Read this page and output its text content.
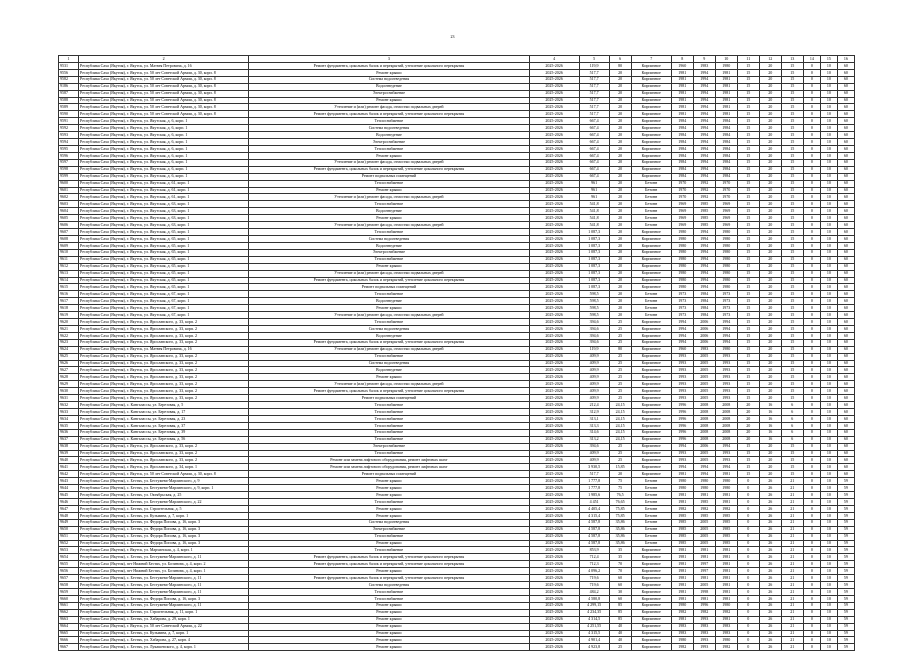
23
1	2	3	4	5	6	7	8	9	10	11	12	13	14	15	16
9531	Республика Саха (Якутия), г. Якутск, ул. Матвея Петровича, д. 16	Ремонт фундамента, цокольных балок и перекрытий, утепление цокольного перекрытия	2025-2026	119,9	80	Кирпичное	1960	1983	1980	15	20	15	0	10	60
9556	Республика Саха (Якутия), г. Якутск, ул. 50 лет Советской Армии, д. 30, корп. 8	Ремонт крыши	2025-2026	517,7	20	Кирпичное	1981	1994	1981	15	20	15	0	10	60
9582	Республика Саха (Якутия), г. Якутск, ул. 50 лет Советской Армии, д. 30, корп. 8	Система водоотведения	2025-2026	517,7	20	Кирпичное	1981	1994	1981	15	20	15	0	10	60
9186	Республика Саха (Якутия), г. Якутск, ул. 50 лет Советской Армии, д. 30, корп. 8	Водоотведение	2025-2026	517,7	20	Кирпичное	1981	1994	1981	15	20	15	0	10	60
9587	Республика Саха (Якутия), г. Якутск, ул. 50 лет Советской Армии, д. 30, корп. 8	Электроснабжение	2025-2026	517,7	20	Кирпичное	1981	1994	1981	15	20	15	0	10	60
9588	Республика Саха (Якутия), г. Якутск, ул. 50 лет Советской Армии, д. 30, корп. 8	Ремонт крыши	2025-2026	517,7	20	Кирпичное	1981	1994	1981	15	20	15	0	10	60
9589	Республика Саха (Якутия), г. Якутск, ул. 50 лет Советской Армии, д. 30, корп. 8	Утепление и (или) ремонт фасада, отмостки подвальных дверей	2025-2026	517,7	20	Кирпичное	1981	1994	1981	15	20	15	0	10	60
9590	Республика Саха (Якутия), г. Якутск, ул. 50 лет Советской Армии, д. 30, корп. 8	Ремонт фундамента, цокольных балок и перекрытий, утепление цокольного перекрытия	2025-2026	517,7	20	Кирпичное	1981	1994	1981	15	20	15	0	10	60
9591	Республика Саха (Якутия), г. Якутск, ул. Якутская, д. 6, корп. 1	Теплоснабжение	2025-2026	667,4	20	Кирпичное	1984	1994	1984	15	20	15	0	10	60
9592	Республика Саха (Якутия), г. Якутск, ул. Якутская, д. 6, корп. 1	Система водоотведения	2025-2026	667,4	20	Кирпичное	1984	1994	1984	15	20	15	0	10	60
9593	Республика Саха (Якутия), г. Якутск, ул. Якутская, д. 6, корп. 1	Водоотведение	2025-2026	667,4	20	Кирпичное	1984	1994	1984	15	20	15	0	10	60
9594	Республика Саха (Якутия), г. Якутск, ул. Якутская, д. 6, корп. 1	Электроснабжение	2025-2026	667,4	20	Кирпичное	1984	1994	1984	15	20	15	0	10	60
9595	Республика Саха (Якутия), г. Якутск, ул. Якутская, д. 6, корп. 1	Теплоснабжение	2025-2026	667,4	20	Кирпичное	1984	1994	1984	15	20	15	0	10	60
9596	Республика Саха (Якутия), г. Якутск, ул. Якутская, д. 6, корп. 1	Ремонт крыши	2025-2026	667,4	20	Кирпичное	1984	1994	1984	15	20	15	0	10	60
9597	Республика Саха (Якутия), г. Якутск, ул. Якутская, д. 6, корп. 1	Утепление и (или) ремонт фасада, отмостки подвальных дверей	2025-2026	667,4	20	Кирпичное	1984	1994	1984	15	20	15	0	10	60
9598	Республика Саха (Якутия), г. Якутск, ул. Якутская, д. 6, корп. 1	Ремонт фундамента, цокольных балок и перекрытий, утепление цокольного перекрытия	2025-2026	667,4	20	Кирпичное	1984	1994	1984	15	20	15	0	10	60
9599	Республика Саха (Якутия), г. Якутск, ул. Якутская, д. 6, корп. 1	Ремонт подвальных помещений	2025-2026	667,4	20	Кирпичное	1984	1994	1984	15	20	15	0	10	60
9600	Республика Саха (Якутия), г. Якутск, ул. Якутская, д. 61, корп. 1	Теплоснабжение	2025-2026	961	20	Бетонн	1970	1992	1970	15	20	15	0	10	60
9601	Республика Саха (Якутия), г. Якутск, ул. Якутская, д. 61, корп. 1	Ремонт крыши	2025-2026	961	20	Бетонн	1970	1992	1970	15	20	15	0	10	60
9602	Республика Саха (Якутия), г. Якутск, ул. Якутская, д. 61, корп. 1	Утепление и (или) ремонт фасада, отмостки подвальных дверей	2025-2026	961	20	Бетонн	1970	1992	1970	15	20	15	0	10	60
9603	Республика Саха (Якутия), г. Якутск, ул. Якутская, д. 63, корп. 1	Теплоснабжение	2025-2026	541,8	20	Бетонн	1969	1985	1969	15	20	15	0	10	60
9604	Республика Саха (Якутия), г. Якутск, ул. Якутская, д. 63, корп. 1	Водоотведение	2025-2026	541,8	20	Бетонн	1969	1985	1969	15	20	15	0	10	60
9605	Республика Саха (Якутия), г. Якутск, ул. Якутская, д. 63, корп. 1	Ремонт крыши	2025-2026	541,8	20	Бетонн	1969	1985	1969	15	20	15	0	10	60
9606	Республика Саха (Якутия), г. Якутск, ул. Якутская, д. 63, корп. 1	Утепление и (или) ремонт фасада, отмостки подвальных дверей	2025-2026	541,8	20	Бетонн	1969	1985	1969	15	20	15	0	10	60
9607	Республика Саха (Якутия), г. Якутск, ул. Якутская, д. 65, корп. 1	Теплоснабжение	2025-2026	1 087,3	20	Кирпичное	1980	1994	1980	15	20	15	0	10	60
9608	Республика Саха (Якутия), г. Якутск, ул. Якутская, д. 65, корп. 1	Система водоотведения	2025-2026	1 087,3	20	Кирпичное	1980	1994	1980	15	20	15	0	10	60
9609	Республика Саха (Якутия), г. Якутск, ул. Якутская, д. 65, корп. 1	Водоотведение	2025-2026	1 087,3	20	Кирпичное	1980	1994	1980	15	20	15	0	10	60
9610	Республика Саха (Якутия), г. Якутск, ул. Якутская, д. 65, корп. 1	Электроснабжение	2025-2026	1 087,3	20	Кирпичное	1980	1994	1980	15	20	15	0	10	60
9611	Республика Саха (Якутия), г. Якутск, ул. Якутская, д. 65, корп. 1	Теплоснабжение	2025-2026	1 087,3	20	Кирпичное	1980	1994	1980	15	20	15	0	10	60
9612	Республика Саха (Якутия), г. Якутск, ул. Якутская, д. 65, корп. 1	Ремонт крыши	2025-2026	1 087,3	20	Кирпичное	1980	1994	1980	15	20	15	0	10	60
9613	Республика Саха (Якутия), г. Якутск, ул. Якутская, д. 65, корп. 1	Утепление и (или) ремонт фасада, отмостки подвальных дверей	2025-2026	1 087,3	20	Кирпичное	1980	1994	1980	15	20	15	0	10	60
9614	Республика Саха (Якутия), г. Якутск, ул. Якутская, д. 65, корп. 1	Ремонт фундамента, цокольных балок и перекрытий, утепление цокольного перекрытия	2025-2026	1 087,3	20	Кирпичное	1980	1994	1980	15	20	15	0	10	60
9615	Республика Саха (Якутия), г. Якутск, ул. Якутская, д. 65, корп. 1	Ремонт подвальных помещений	2025-2026	1 087,3	20	Кирпичное	1980	1994	1980	15	20	15	0	10	60
9616	Республика Саха (Якутия), г. Якутск, ул. Якутская, д. 67, корп. 1	Теплоснабжение	2025-2026	598,5	20	Бетонн	1973	1984	1973	15	20	15	0	10	60
9617	Республика Саха (Якутия), г. Якутск, ул. Якутская, д. 67, корп. 1	Водоотведение	2025-2026	598,5	20	Бетонн	1973	1984	1973	15	20	15	0	10	60
9618	Республика Саха (Якутия), г. Якутск, ул. Якутская, д. 67, корп. 1	Ремонт крыши	2025-2026	598,5	20	Бетонн	1973	1984	1973	15	20	15	0	10	60
9619	Республика Саха (Якутия), г. Якутск, ул. Якутская, д. 67, корп. 1	Утепление и (или) ремонт фасада, отмостки подвальных дверей	2025-2026	598,5	20	Бетонн	1973	1984	1973	15	20	15	0	10	60
9620	Республика Саха (Якутия), г. Якутск, ул. Ярославского, д. 33, корп. 2	Теплоснабжение	2025-2026	394,6	25	Кирпичное	1994	2006	1994	15	20	15	0	10	60
9621	Республика Саха (Якутия), г. Якутск, ул. Ярославского, д. 33, корп. 2	Система водоотведения	2025-2026	394,6	25	Кирпичное	1994	2006	1994	15	20	15	0	10	60
9622	Республика Саха (Якутия), г. Якутск, ул. Ярославского, д. 33, корп. 2	Водоотведение	2025-2026	394,6	25	Кирпичное	1994	2006	1994	15	20	15	0	10	60
9623	Республика Саха (Якутия), г. Якутск, ул. Ярославского, д. 33, корп. 2	Ремонт фундамента, цокольных балок и перекрытий, утепление цокольного перекрытия	2025-2026	394,6	25	Кирпичное	1994	2006	1994	15	20	15	0	10	60
9624	Республика Саха (Якутия), г. Якутск, ул. Матвея Петровича, д. 16	Утепление и (или) ремонт фасада, отмостки подвальных дверей	2025-2026	119,9	80	Кирпичное	1960	1983	1980	15	20	15	0	10	60
9625	Республика Саха (Якутия), г. Якутск, ул. Ярославского, д. 33, корп. 2	Теплоснабжение	2025-2026	409,9	25	Кирпичное	1993	2005	1993	15	20	15	0	10	60
9626	Республика Саха (Якутия), г. Якутск, ул. Ярославского, д. 33, корп. 2	Система водоотведения	2025-2026	409,9	25	Кирпичное	1993	2005	1993	15	20	15	0	10	60
9627	Республика Саха (Якутия), г. Якутск, ул. Ярославского, д. 33, корп. 2	Водоотведение	2025-2026	409,9	25	Кирпичное	1993	2005	1993	15	20	15	0	10	60
9628	Республика Саха (Якутия), г. Якутск, ул. Ярославского, д. 33, корп. 2	Ремонт крыши	2025-2026	409,9	25	Кирпичное	1993	2005	1993	15	20	15	0	10	60
9629	Республика Саха (Якутия), г. Якутск, ул. Ярославского, д. 33, корп. 2	Утепление и (или) ремонт фасада, отмостки подвальных дверей	2025-2026	409,9	25	Кирпичное	1993	2005	1993	15	20	15	0	10	60
9630	Республика Саха (Якутия), г. Якутск, ул. Ярославского, д. 33, корп. 2	Ремонт фундамента, цокольных балок и перекрытий, утепление цокольного перекрытия	2025-2026	409,9	25	Кирпичное	1993	2005	1993	15	20	15	0	10	60
9631	Республика Саха (Якутия), г. Якутск, ул. Ярославского, д. 33, корп. 2	Ремонт подвальных помещений	2025-2026	409,9	25	Кирпичное	1993	2005	1993	15	20	15	0	10	60
9632	Республика Саха (Якутия), с. Кангалассы, ул. Березовая, д. 5	Теплоснабжение	2025-2026	212,4	24,15	Кирпичное	1996	2008	2008	20	16	6	0	10	60
9633	Республика Саха (Якутия), с. Кангалассы, ул. Березовая, д. 17	Теплоснабжение	2025-2026	312,9	24,15	Кирпичное	1996	2008	2008	20	16	6	0	10	60
9634	Республика Саха (Якутия), с. Кангалассы, ул. Березовая, д. 23	Теплоснабжение	2025-2026	313,1	24,15	Кирпичное	1996	2008	2008	20	16	6	0	10	60
9635	Республика Саха (Якутия), с. Кангалассы, ул. Березовая, д. 37	Теплоснабжение	2025-2026	313,3	24,15	Кирпичное	1996	2008	2008	20	16	6	0	10	60
9636	Республика Саха (Якутия), с. Кангалассы, ул. Березовая, д. 39	Теплоснабжение	2025-2026	314,6	24,15	Кирпичное	1996	2008	2008	20	16	6	0	10	60
9637	Республика Саха (Якутия), с. Кангалассы, ул. Березовая, д. 56	Теплоснабжение	2025-2026	313,2	24,15	Кирпичное	1996	2008	2008	20	16	6	0	10	60
9638	Республика Саха (Якутия), г. Якутск, ул. Ярославского, д. 33, корп. 2	Электроснабжение	2025-2026	394,6	25	Кирпичное	1994	2006	1994	15	20	15	0	10	60
9639	Республика Саха (Якутия), г. Якутск, ул. Ярославского, д. 33, корп. 2	Теплоснабжение	2025-2026	409,9	25	Кирпичное	1993	2005	1993	15	20	15	0	10	60
9640	Республика Саха (Якутия), г. Якутск, ул. Ярославского, д. 33, корп. 2	Ремонт или замена лифтового оборудования, ремонт лифтовых шахт	2025-2026	409,9	25	Кирпичное	1993	2005	1993	15	20	15	0	10	60
9641	Республика Саха (Якутия), г. Якутск, ул. Ярославского, д. 34, корп. 1	Ремонт или замена лифтового оборудования, ремонт лифтовых шахт	2025-2026	3 930,5	15,85	Кирпичное	1994	1994	1994	15	20	15	0	10	60
9642	Республика Саха (Якутия), г. Якутск, ул. 50 лет Советской Армии, д. 30, корп. 8	Ремонт подвальных помещений	2025-2026	517,7	20	Кирпичное	1981	1994	1981	15	20	15	0	10	60
9643	Республика Саха (Якутия), с. Бестях, ул. Бестужева-Марлинского, д. 9	Ремонт крыши	2025-2026	1 777,8	75	Бетонн	1980	1980	1980	0	26	21	0	10	59
9644	Республика Саха (Якутия), с. Бестях, ул. Бестужева-Марлинского, д. 9, корп. 1	Ремонт крыши	2025-2026	1 777,8	75	Бетонн	1980	1980	1980	0	26	21	0	10	59
9645	Республика Саха (Якутия), с. Бестях, ул. Октябрьская, д. 25	Ремонт крыши	2025-2026	1 985,6	76,5	Бетонн	1981	1981	1981	0	26	21	0	10	59
9646	Республика Саха (Якутия), с. Бестях, ул. Бестужева-Марлинского, д. 22	Теплоснабжение	2025-2026	4 451	76,65	Бетонн	1981	1985	1981	0	26	21	0	10	59
9647	Республика Саха (Якутия), с. Бестях, ул. Строительная, д. 5	Ремонт крыши	2025-2026	4 405,4	75,85	Бетонн	1982	1982	1982	0	26	21	0	10	59
9648	Республика Саха (Якутия), с. Бестях, ул. Кузьмина, д. 7, корп. 1	Ремонт крыши	2025-2026	4 315,4	75,85	Бетонн	1985	1985	1985	0	26	21	0	10	59
9649	Республика Саха (Якутия), с. Бестях, ул. Федора Попова, д. 16, корп. 3	Система водоотведения	2025-2026	4 587,8	35,86	Бетонн	1985	2005	1985	0	26	21	0	10	59
9650	Республика Саха (Якутия), с. Бестях, ул. Федора Попова, д. 16, корп. 3	Электроснабжение	2025-2026	4 587,8	35,86	Бетонн	1985	2005	1985	0	26	21	0	10	59
9651	Республика Саха (Якутия), с. Бестях, ул. Федора Попова, д. 16, корп. 3	Теплоснабжение	2025-2026	4 587,8	35,86	Бетонн	1985	2005	1985	0	26	21	0	10	59
9652	Республика Саха (Якутия), с. Бестях, ул. Федора Попова, д. 16, корп. 3	Ремонт крыши	2025-2026	4 587,8	35,86	Бетонн	1985	2005	1985	0	26	21	0	10	59
9653	Республика Саха (Якутия), г. Якутск, ул. Мархинская, д. 4, корп. 1	Теплоснабжение	2025-2026	853,9	35	Кирпичное	1981	1981	1981	0	26	21	0	10	59
9654	Республика Саха (Якутия), с. Бестях, ул. Бестужева-Марлинского, д. 11	Ремонт фундамента, цокольных балок и перекрытий, утепление цокольного перекрытия	2025-2026	712,4	35	Кирпичное	1981	1981	1981	0	26	21	0	10	59
9655	Республика Саха (Якутия), пгт Нижний Бестях, ул. Бозинова, д. 4, корп. 2	Ремонт фундамента, цокольных балок и перекрытий, утепление цокольного перекрытия	2025-2026	712,3	70	Кирпичное	1981	1997	1981	0	26	21	0	10	59
9656	Республика Саха (Якутия), пгт Нижний Бестях, ул. Бозинова, д. 4, корп. 1	Ремонт крыши	2025-2026	4 096,2	70	Кирпичное	1981	1997	1981	0	26	21	0	10	59
9657	Республика Саха (Якутия), с. Бестях, ул. Бестужева-Марлинского, д. 11	Ремонт фундамента, цокольных балок и перекрытий, утепление цокольного перекрытия	2025-2026	719,6	60	Кирпичное	1981	1981	1981	0	26	21	0	10	59
9658	Республика Саха (Якутия), с. Бестях, ул. Бестужева-Марлинского, д. 11	Система водоотведения	2025-2026	719,6	60	Кирпичное	1981	2005	1981	0	26	21	0	10	59
9659	Республика Саха (Якутия), с. Бестях, ул. Бестужева-Марлинского, д. 11	Теплоснабжение	2025-2026	484,2	30	Кирпичное	1981	1998	1981	0	26	21	0	10	59
9660	Республика Саха (Якутия), с. Бестях, ул. Федора Попова, д. 16, корп. 3	Теплоснабжение	2025-2026	4 580,8	60	Кирпичное	1981	1981	1981	0	26	21	0	10	59
9661	Республика Саха (Якутия), с. Бестях, ул. Бестужева-Марлинского, д. 11	Ремонт крыши	2025-2026	4 299,15	85	Кирпичное	1980	1996	1980	0	26	21	0	10	59
9662	Республика Саха (Якутия), с. Бестях, ул. Строительная, д. 11, корп. 1	Ремонт крыши	2025-2026	4 234,35	85	Кирпичное	1982	1982	1982	0	26	21	0	10	59
9663	Республика Саха (Якутия), с. Бестях, ул. Хабарова, д. 29, корп. 1	Ремонт крыши	2025-2026	4 314,5	85	Кирпичное	1981	1993	1981	0	26	21	0	10	59
9664	Республика Саха (Якутия), г. Якутск, ул. 50 лет Советской Армии, д. 22	Ремонт крыши	2025-2026	4 251,55	40	Кирпичное	1983	1983	1983	0	26	21	0	10	59
9665	Республика Саха (Якутия), с. Бестях, ул. Кузьмина, д. 7, корп. 1	Ремонт крыши	2025-2026	4 315,5	40	Кирпичное	1983	1983	1983	0	26	21	0	10	59
9666	Республика Саха (Якутия), с. Бестях, ул. Хабарова, д. 27, корп. 4	Ремонт крыши	2025-2026	4 901,4	40	Кирпичное	1980	1993	1980	0	26	21	0	10	59
9667	Республика Саха (Якутия), с. Бестях, ул. Лукашевского, д. 4, корп. 1	Ремонт крыши	2025-2026	4 923,8	25	Кирпичное	1982	1993	1982	0	26	21	0	10	59
